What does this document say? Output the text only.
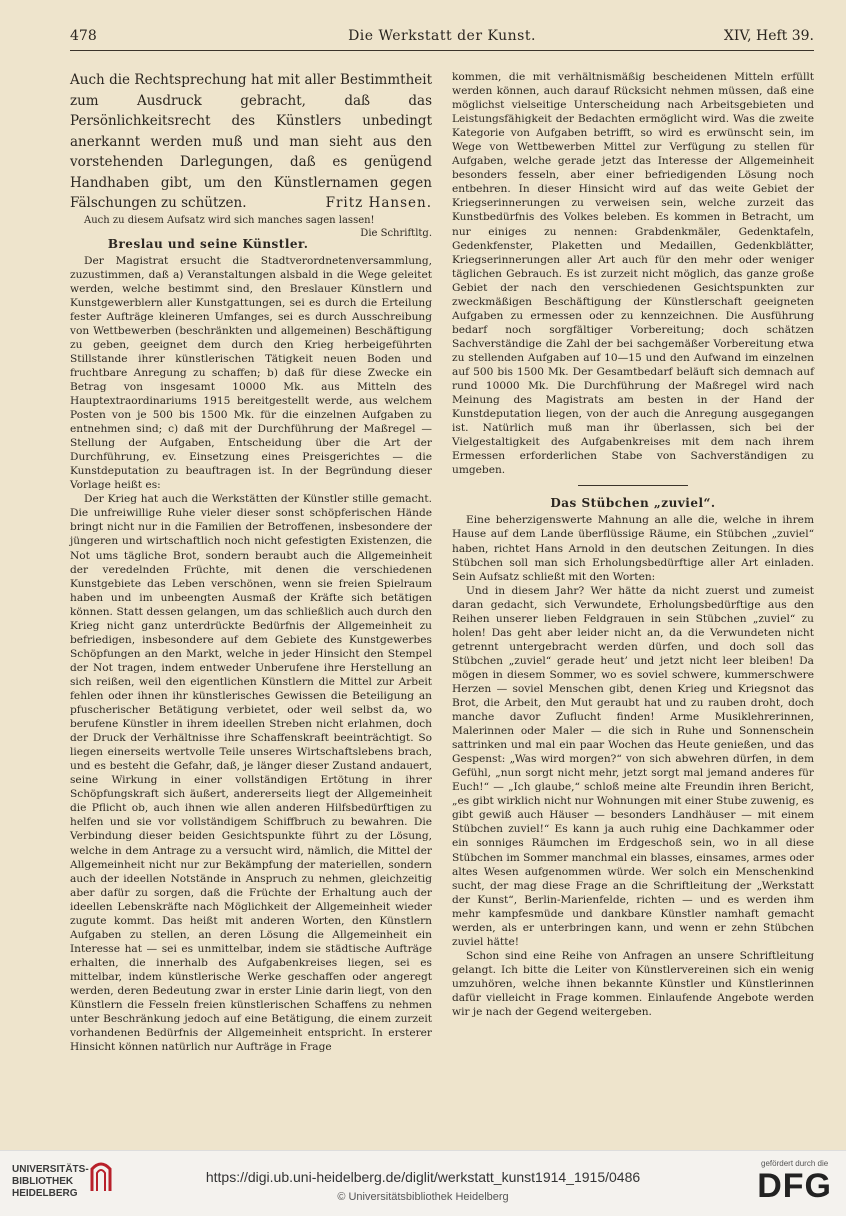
478	Die Werkstatt der Kunst.	XIV, Heft 39.

Auch die Rechtsprechung hat mit aller Bestimmtheit zum Ausdruck gebracht, daß das Persönlichkeitsrecht des Künstlers unbedingt anerkannt werden muß und man sieht aus den vorstehenden Darlegungen, daß es genügend Handhaben gibt, um den Künstlernamen gegen Fälschungen zu schützen.	Fritz Hansen.

Auch zu diesem Aufsatz wird sich manches sagen lassen!
Die Schriftltg.

Breslau und seine Künstler.

Der Magistrat ersucht die Stadtverordnetenversammlung, zuzustimmen, daß a) Veranstaltungen alsbald in die Wege geleitet werden, welche bestimmt sind, den Breslauer Künstlern und Kunstgewerblern aller Kunstgattungen, sei es durch die Erteilung fester Aufträge kleineren Umfanges, sei es durch Ausschreibung von Wettbewerben (beschränkten und allgemeinen) Beschäftigung zu geben, geeignet dem durch den Krieg herbeigeführten Stillstande ihrer künstlerischen Tätigkeit neuen Boden und fruchtbare Anregung zu schaffen; b) daß für diese Zwecke ein Betrag von insgesamt 10000 Mk. aus Mitteln des Hauptextraordinariums 1915 bereitgestellt werde, aus welchem Posten von je 500 bis 1500 Mk. für die einzelnen Aufgaben zu entnehmen sind; c) daß mit der Durchführung der Maßregel — Stellung der Aufgaben, Entscheidung über die Art der Durchführung, ev. Einsetzung eines Preisgerichtes — die Kunstdeputation zu beauftragen ist. In der Begründung dieser Vorlage heißt es:

Der Krieg hat auch die Werkstätten der Künstler stille gemacht. Die unfreiwillige Ruhe vieler dieser sonst schöpferischen Hände bringt nicht nur in die Familien der Betroffenen, insbesondere der jüngeren und wirtschaftlich noch nicht gefestigten Existenzen, die Not ums tägliche Brot, sondern beraubt auch die Allgemeinheit der veredelnden Früchte, mit denen die verschiedenen Kunstgebiete das Leben verschönen, wenn sie freien Spielraum haben und im unbeengten Ausmaß der Kräfte sich betätigen können. Statt dessen gelangen, um das schließlich auch durch den Krieg nicht ganz unterdrückte Bedürfnis der Allgemeinheit zu befriedigen, insbesondere auf dem Gebiete des Kunstgewerbes Schöpfungen an den Markt, welche in jeder Hinsicht den Stempel der Not tragen, indem entweder Unberufene ihre Herstellung an sich reißen, weil den eigentlichen Künstlern die Mittel zur Arbeit fehlen oder ihnen ihr künstlerisches Gewissen die Beteiligung an pfuscherischer Betätigung verbietet, oder weil selbst da, wo berufene Künstler in ihrem ideellen Streben nicht erlahmen, doch der Druck der Verhältnisse ihre Schaffenskraft beeinträchtigt. So liegen einerseits wertvolle Teile unseres Wirtschaftslebens brach, und es besteht die Gefahr, daß, je länger dieser Zustand andauert, seine Wirkung in einer vollständigen Ertötung in ihrer Schöpfungskraft sich äußert, andererseits liegt der Allgemeinheit die Pflicht ob, auch ihnen wie allen anderen Hilfsbedürftigen zu helfen und sie vor vollständigem Schiffbruch zu bewahren. Die Verbindung dieser beiden Gesichtspunkte führt zu der Lösung, welche in dem Antrage zu a versucht wird, nämlich, die Mittel der Allgemeinheit nicht nur zur Bekämpfung der materiellen, sondern auch der ideellen Notstände in Anspruch zu nehmen, gleichzeitig aber dafür zu sorgen, daß die Früchte der Erhaltung auch der ideellen Lebenskräfte nach Möglichkeit der Allgemeinheit wieder zugute kommt. Das heißt mit anderen Worten, den Künstlern Aufgaben zu stellen, an deren Lösung die Allgemeinheit ein Interesse hat — sei es unmittelbar, indem sie städtische Aufträge erhalten, die innerhalb des Aufgabenkreises liegen, sei es mittelbar, indem künstlerische Werke geschaffen oder angeregt werden, deren Bedeutung zwar in erster Linie darin liegt, von den Künstlern die Fesseln freien künstlerischen Schaffens zu nehmen unter Beschränkung jedoch auf eine Betätigung, die einem zurzeit vorhandenen Bedürfnis der Allgemeinheit entspricht. In ersterer Hinsicht können natürlich nur Aufträge in Frage

kommen, die mit verhältnismäßig bescheidenen Mitteln erfüllt werden können, auch darauf Rücksicht nehmen müssen, daß eine möglichst vielseitige Unterscheidung nach Arbeitsgebieten und Leistungsfähigkeit der Bedachten ermöglicht wird. Was die zweite Kategorie von Aufgaben betrifft, so wird es erwünscht sein, im Wege von Wettbewerben Mittel zur Verfügung zu stellen für Aufgaben, welche gerade jetzt das Interesse der Allgemeinheit besonders fesseln, aber einer befriedigenden Lösung noch entbehren. In dieser Hinsicht wird auf das weite Gebiet der Kriegserinnerungen zu verweisen sein, welche zurzeit das Kunstbedürfnis des Volkes beleben. Es kommen in Betracht, um nur einiges zu nennen: Grabdenkmäler, Gedenktafeln, Gedenkfenster, Plaketten und Medaillen, Gedenkblätter, Kriegserinnerungen aller Art auch für den mehr oder weniger täglichen Gebrauch. Es ist zurzeit nicht möglich, das ganze große Gebiet der nach den verschiedenen Gesichtspunkten zur zweckmäßigen Beschäftigung der Künstlerschaft geeigneten Aufgaben zu ermessen oder zu kennzeichnen. Die Ausführung bedarf noch sorgfältiger Vorbereitung; doch schätzen Sachverständige die Zahl der bei sachgemäßer Vorbereitung etwa zu stellenden Aufgaben auf 10—15 und den Aufwand im einzelnen auf 500 bis 1500 Mk. Der Gesamtbedarf beläuft sich demnach auf rund 10000 Mk. Die Durchführung der Maßregel wird nach Meinung des Magistrats am besten in der Hand der Kunstdeputation liegen, von der auch die Anregung ausgegangen ist. Natürlich muß man ihr überlassen, sich bei der Vielgestaltigkeit des Aufgabenkreises mit dem nach ihrem Ermessen erforderlichen Stabe von Sachverständigen zu umgeben.

Das Stübchen „zuviel“.

Eine beherzigenswerte Mahnung an alle die, welche in ihrem Hause auf dem Lande überflüssige Räume, ein Stübchen „zuviel“ haben, richtet Hans Arnold in den deutschen Zeitungen. In dies Stübchen soll man sich Erholungsbedürftige aller Art einladen. Sein Aufsatz schließt mit den Worten:

Und in diesem Jahr? Wer hätte da nicht zuerst und zumeist daran gedacht, sich Verwundete, Erholungsbedürftige aus den Reihen unserer lieben Feldgrauen in sein Stübchen „zuviel“ zu holen! Das geht aber leider nicht an, da die Verwundeten nicht getrennt untergebracht werden dürfen, und doch soll das Stübchen „zuviel“ gerade heut’ und jetzt nicht leer bleiben! Da mögen in diesem Sommer, wo es soviel schwere, kummerschwere Herzen — soviel Menschen gibt, denen Krieg und Kriegsnot das Brot, die Arbeit, den Mut geraubt hat und zu rauben droht, doch manche davor Zuflucht finden! Arme Musiklehrerinnen, Malerinnen oder Maler — die sich in Ruhe und Sonnenschein sattrinken und mal ein paar Wochen das Heute genießen, und das Gespenst: „Was wird morgen?“ von sich abwehren dürfen, in dem Gefühl, „nun sorgt nicht mehr, jetzt sorgt mal jemand anderes für Euch!“ — „Ich glaube,“ schloß meine alte Freundin ihren Bericht, „es gibt wirklich nicht nur Wohnungen mit einer Stube zuwenig, es gibt gewiß auch Häuser — besonders Landhäuser — mit einem Stübchen zuviel!“ Es kann ja auch ruhig eine Dachkammer oder ein sonniges Räumchen im Erdgeschoß sein, wo in all diese Stübchen im Sommer manchmal ein blasses, einsames, armes oder altes Wesen aufgenommen würde. Wer solch ein Menschenkind sucht, der mag diese Frage an die Schriftleitung der „Werkstatt der Kunst“, Berlin-Marienfelde, richten — und es werden ihm mehr kampfesmüde und dankbare Künstler namhaft gemacht werden, als er unterbringen kann, und wenn er zehn Stübchen zuviel hätte!

Schon sind eine Reihe von Anfragen an unsere Schriftleitung gelangt. Ich bitte die Leiter von Künstlervereinen sich ein wenig umzuhören, welche ihnen bekannte Künstler und Künstlerinnen dafür vielleicht in Frage kommen. Einlaufende Angebote werden wir je nach der Gegend weitergeben.

UNIVERSITÄTS-
BIBLIOTHEK
HEIDELBERG
https://digi.ub.uni-heidelberg.de/diglit/werkstatt_kunst1914_1915/0486
© Universitätsbibliothek Heidelberg
gefördert durch die
DFG
